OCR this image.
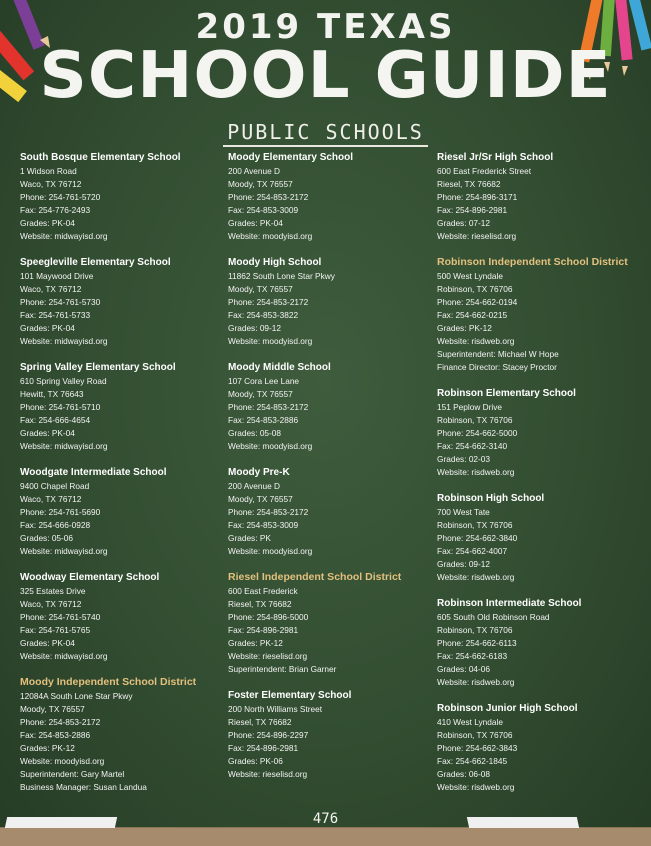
2019 TEXAS
SCHOOL GUIDE
PUBLIC SCHOOLS
South Bosque Elementary School
1 Widson Road
Waco, TX 76712
Phone: 254-761-5720
Fax: 254-776-2493
Grades: PK-04
Website: midwayisd.org
Speegleville Elementary School
101 Maywood Drive
Waco, TX 76712
Phone: 254-761-5730
Fax: 254-761-5733
Grades: PK-04
Website: midwayisd.org
Spring Valley Elementary School
610 Spring Valley Road
Hewitt, TX 76643
Phone: 254-761-5710
Fax: 254-666-4654
Grades: PK-04
Website: midwayisd.org
Woodgate Intermediate School
9400 Chapel Road
Waco, TX 76712
Phone: 254-761-5690
Fax: 254-666-0928
Grades: 05-06
Website: midwayisd.org
Woodway Elementary School
325 Estates Drive
Waco, TX 76712
Phone: 254-761-5740
Fax: 254-761-5765
Grades: PK-04
Website: midwayisd.org
Moody Independent School District
12084A South Lone Star Pkwy
Moody, TX 76557
Phone: 254-853-2172
Fax: 254-853-2886
Grades: PK-12
Website: moodyisd.org
Superintendent: Gary Martel
Business Manager: Susan Landua
Moody Elementary School
200 Avenue D
Moody, TX 76557
Phone: 254-853-2172
Fax: 254-853-3009
Grades: PK-04
Website: moodyisd.org
Moody High School
11862 South Lone Star Pkwy
Moody, TX 76557
Phone: 254-853-2172
Fax: 254-853-3822
Grades: 09-12
Website: moodyisd.org
Moody Middle School
107 Cora Lee Lane
Moody, TX 76557
Phone: 254-853-2172
Fax: 254-853-2886
Grades: 05-08
Website: moodyisd.org
Moody Pre-K
200 Avenue D
Moody, TX 76557
Phone: 254-853-2172
Fax: 254-853-3009
Grades: PK
Website: moodyisd.org
Riesel Independent School District
600 East Frederick
Riesel, TX 76682
Phone: 254-896-5000
Fax: 254-896-2981
Grades: PK-12
Website: rieselisd.org
Superintendent: Brian Garner
Foster Elementary School
200 North Williams Street
Riesel, TX 76682
Phone: 254-896-2297
Fax: 254-896-2981
Grades: PK-06
Website: rieselisd.org
Riesel Jr/Sr High School
600 East Frederick Street
Riesel, TX 76682
Phone: 254-896-3171
Fax: 254-896-2981
Grades: 07-12
Website: rieselisd.org
Robinson Independent School District
500 West Lyndale
Robinson, TX 76706
Phone: 254-662-0194
Fax: 254-662-0215
Grades: PK-12
Website: risdweb.org
Superintendent: Michael W Hope
Finance Director: Stacey Proctor
Robinson Elementary School
151 Peplow Drive
Robinson, TX 76706
Phone: 254-662-5000
Fax: 254-662-3140
Grades: 02-03
Website: risdweb.org
Robinson High School
700 West Tate
Robinson, TX 76706
Phone: 254-662-3840
Fax: 254-662-4007
Grades: 09-12
Website: risdweb.org
Robinson Intermediate School
605 South Old Robinson Road
Robinson, TX 76706
Phone: 254-662-6113
Fax: 254-662-6183
Grades: 04-06
Website: risdweb.org
Robinson Junior High School
410 West Lyndale
Robinson, TX 76706
Phone: 254-662-3843
Fax: 254-662-1845
Grades: 06-08
Website: risdweb.org
476
